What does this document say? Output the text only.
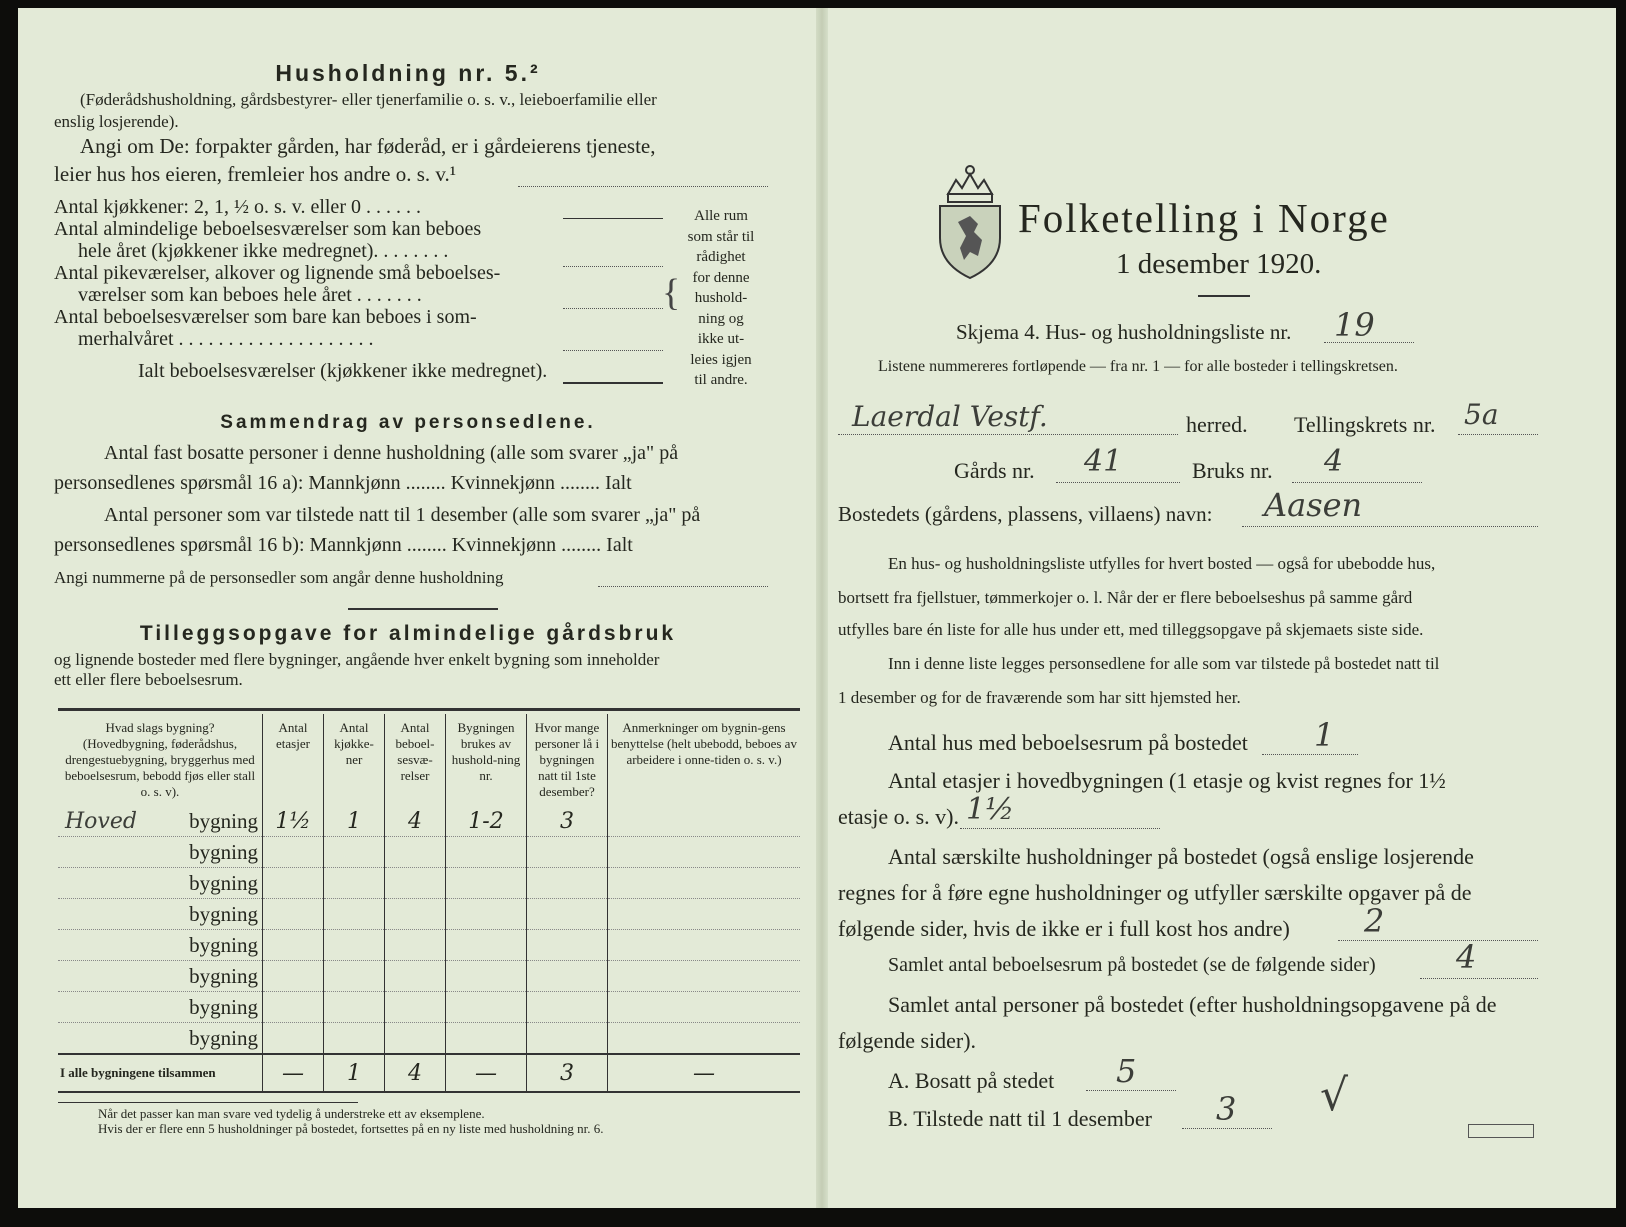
Husholdning nr. 5.²
(Føderådshusholdning, gårdsbestyrer- eller tjenerfamilie o. s. v., leieboerfamilie eller
enslig losjerende).
Angi om De: forpakter gården, har føderåd, er i gårdeierens tjeneste,
leier hus hos eieren, fremleier hos andre o. s. v.¹
Antal kjøkkener: 2, 1, ½ o. s. v. eller 0 . . . . . .
Antal almindelige beboelsesværelser som kan beboes
hele året (kjøkkener ikke medregnet). . . . . . . .
Antal pikeværelser, alkover og lignende små beboelses-
værelser som kan beboes hele året . . . . . . .
Antal beboelsesværelser som bare kan beboes i som-
merhalvåret . . . . . . . . . . . . . . . . . . . .
Ialt beboelsesværelser (kjøkkener ikke medregnet).
{
Alle rum
som står til
rådighet
for denne
hushold-
ning og
ikke ut-
leies igjen
til andre.
Sammendrag av personsedlene.
Antal fast bosatte personer i denne husholdning (alle som svarer „ja" på
personsedlenes spørsmål 16 a): Mannkjønn ........ Kvinnekjønn ........ Ialt
Antal personer som var tilstede natt til 1 desember (alle som svarer „ja" på
personsedlenes spørsmål 16 b): Mannkjønn ........ Kvinnekjønn ........ Ialt
Angi nummerne på de personsedler som angår denne husholdning
Tilleggsopgave for almindelige gårdsbruk
og lignende bosteder med flere bygninger, angående hver enkelt bygning som inneholder
ett eller flere beboelsesrum.
Hvad slags bygning?
(Hovedbygning, føderådshus, drengestuebygning, bryggerhus med beboelsesrum, bebodd fjøs eller stall o. s. v).	Antal etasjer	Antal kjøkke-ner	Antal beboel-sesvæ-relser	Bygningen brukes av hushold-ning nr.	Hvor mange personer lå i bygningen natt til 1ste desember?	Anmerkninger om bygnin-gens benyttelse (helt ubebodd, beboes av arbeidere i onne-tiden o. s. v.)

Hoved bygning	1½	1	4	1-2	3	

bygning						

bygning						

bygning						

bygning						

bygning						

bygning						

bygning						
I alle bygningene tilsammen	—	1	4	—	3	—
Når det passer kan man svare ved tydelig å understreke ett av eksemplene.
Hvis der er flere enn 5 husholdninger på bostedet, fortsettes på en ny liste med husholdning nr. 6.
Folketelling i Norge
1 desember 1920.
Skjema 4. Hus- og husholdningsliste nr. 19
Listene nummereres fortløpende — fra nr. 1 — for alle bosteder i tellingskretsen.
Laerdal Vestf.	herred. Tellingskrets nr. 5a
Gårds nr. 41	Bruks nr. 4
Bostedets (gårdens, plassens, villaens) navn: Aasen
En hus- og husholdningsliste utfylles for hvert bosted — også for ubebodde hus,
bortsett fra fjellstuer, tømmerkojer o. l. Når der er flere beboelseshus på samme gård
utfylles bare én liste for alle hus under ett, med tilleggsopgave på skjemaets siste side.
Inn i denne liste legges personsedlene for alle som var tilstede på bostedet natt til
1 desember og for de fraværende som har sitt hjemsted her.
Antal hus med beboelsesrum på bostedet 1
Antal etasjer i hovedbygningen (1 etasje og kvist regnes for 1½
etasje o. s. v). 1½
Antal særskilte husholdninger på bostedet (også enslige losjerende
regnes for å føre egne husholdninger og utfyller særskilte opgaver på de
følgende sider, hvis de ikke er i full kost hos andre) 2
Samlet antal beboelsesrum på bostedet (se de følgende sider)	4
Samlet antal personer på bostedet (efter husholdningsopgavene på de
følgende sider).
A. Bosatt på stedet 5
B. Tilstede natt til 1 desember 3 √
